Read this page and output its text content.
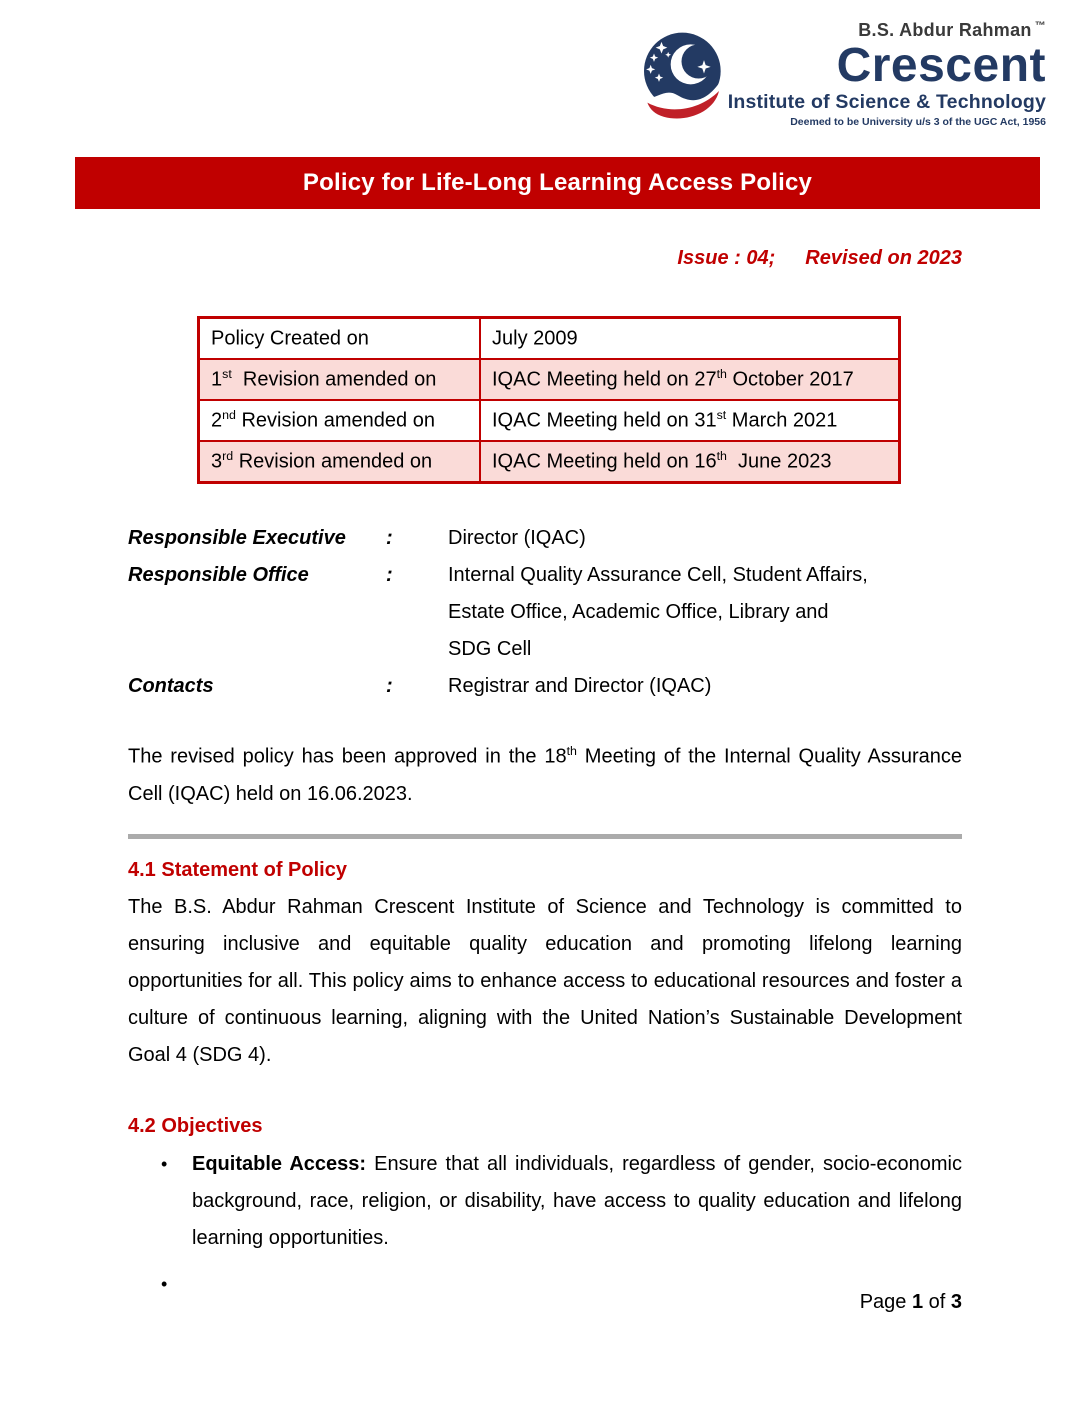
B.S. Abdur Rahman ™
Crescent
Institute of Science & Technology
Deemed to be University u/s 3 of the UGC Act, 1956
Policy for Life-Long Learning Access Policy
Issue : 04; Revised on 2023
Policy Created on	July 2009
1st  Revision amended on	IQAC Meeting held on 27th October 2017
2nd Revision amended on	IQAC Meeting held on 31st March 2021
3rd Revision amended on	IQAC Meeting held on 16th  June 2023
Responsible Executive	:	Director (IQAC)
Responsible Office	:	Internal Quality Assurance Cell, Student Affairs,
Estate Office, Academic Office, Library and
SDG Cell
Contacts	:	Registrar and Director (IQAC)
The revised policy has been approved in the 18th Meeting of the Internal Quality Assurance Cell (IQAC) held on 16.06.2023.
4.1 Statement of Policy
The B.S. Abdur Rahman Crescent Institute of Science and Technology is committed to ensuring inclusive and equitable quality education and promoting lifelong learning opportunities for all. This policy aims to enhance access to educational resources and foster a culture of continuous learning, aligning with the United Nation’s Sustainable Development Goal 4 (SDG 4).
4.2 Objectives
• Equitable Access: Ensure that all individuals, regardless of gender, socio-economic background, race, religion, or disability, have access to quality education and lifelong learning opportunities.
•
Page 1 of 3
